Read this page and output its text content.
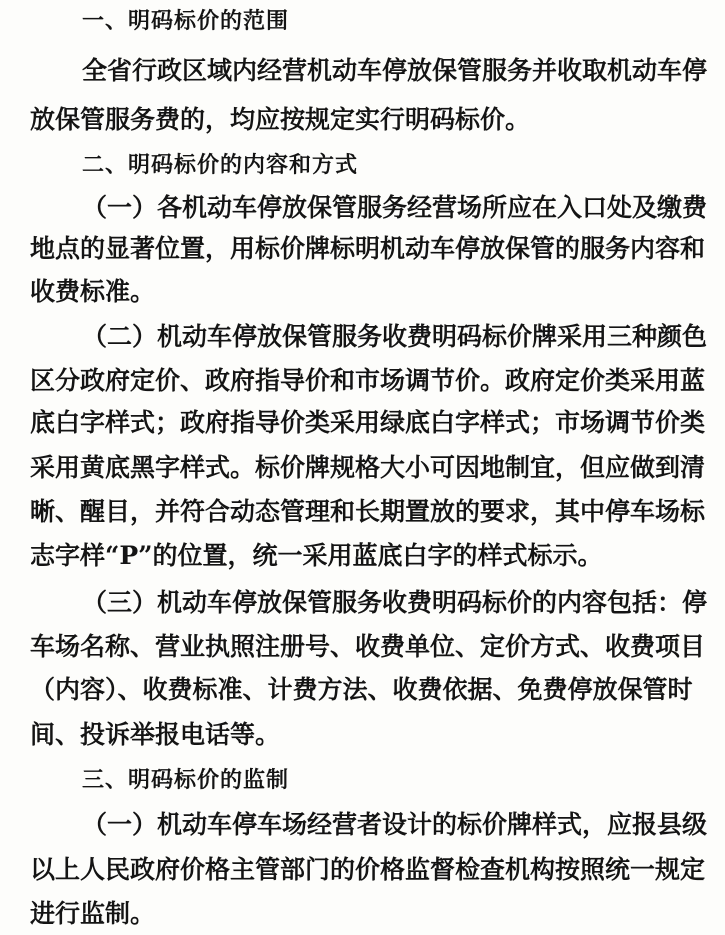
一、明码标价的范围
全省行政区域内经营机动车停放保管服务并收取机动车停
放保管服务费的，均应按规定实行明码标价。
二、明码标价的内容和方式
（一）各机动车停放保管服务经营场所应在入口处及缴费
地点的显著位置，用标价牌标明机动车停放保管的服务内容和
收费标准。
（二）机动车停放保管服务收费明码标价牌采用三种颜色
区分政府定价、政府指导价和市场调节价。政府定价类采用蓝
底白字样式；政府指导价类采用绿底白字样式；市场调节价类
采用黄底黑字样式。标价牌规格大小可因地制宜，但应做到清
晰、醒目，并符合动态管理和长期置放的要求，其中停车场标
志字样“P”的位置，统一采用蓝底白字的样式标示。
（三）机动车停放保管服务收费明码标价的内容包括：停
车场名称、营业执照注册号、收费单位、定价方式、收费项目
（内容）、收费标准、计费方法、收费依据、免费停放保管时
间、投诉举报电话等。
三、明码标价的监制
（一）机动车停车场经营者设计的标价牌样式，应报县级
以上人民政府价格主管部门的价格监督检查机构按照统一规定
进行监制。
